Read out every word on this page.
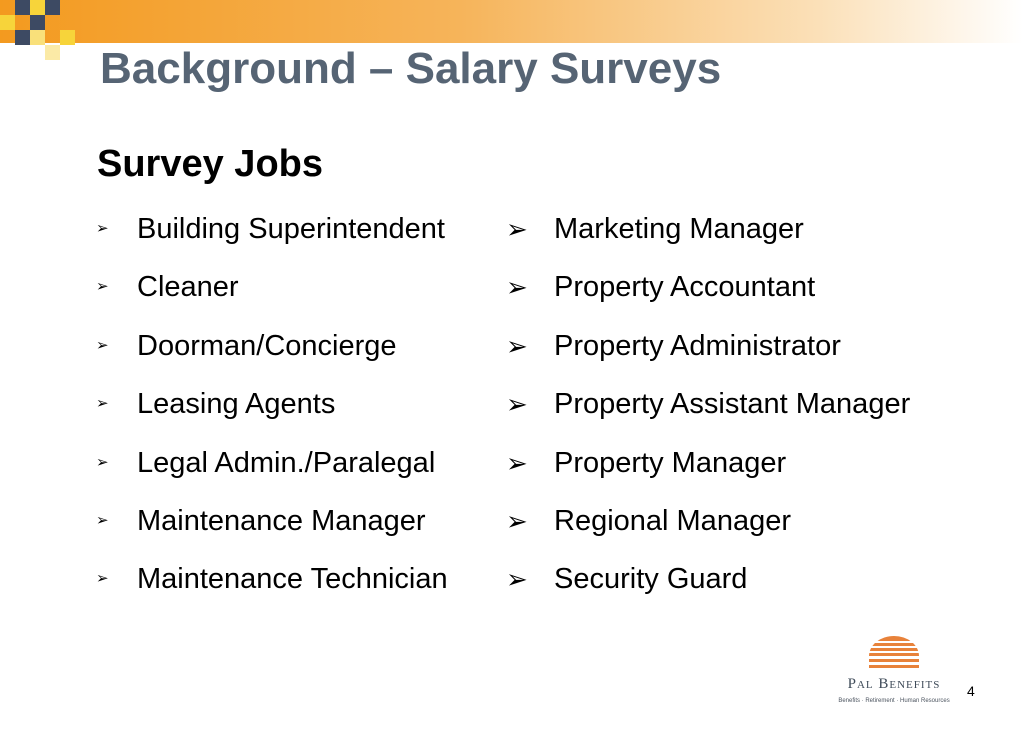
Background – Salary Surveys
Survey Jobs
➢ Building Superintendent
➢ Cleaner
➢ Doorman/Concierge
➢ Leasing Agents
➢ Legal Admin./Paralegal
➢ Maintenance Manager
➢ Maintenance Technician
➢ Marketing Manager
➢ Property Accountant
➢ Property Administrator
➢ Property Assistant Manager
➢ Property Manager
➢ Regional Manager
➢ Security Guard
Pal Benefits
Benefits · Retirement · Human Resources
4
